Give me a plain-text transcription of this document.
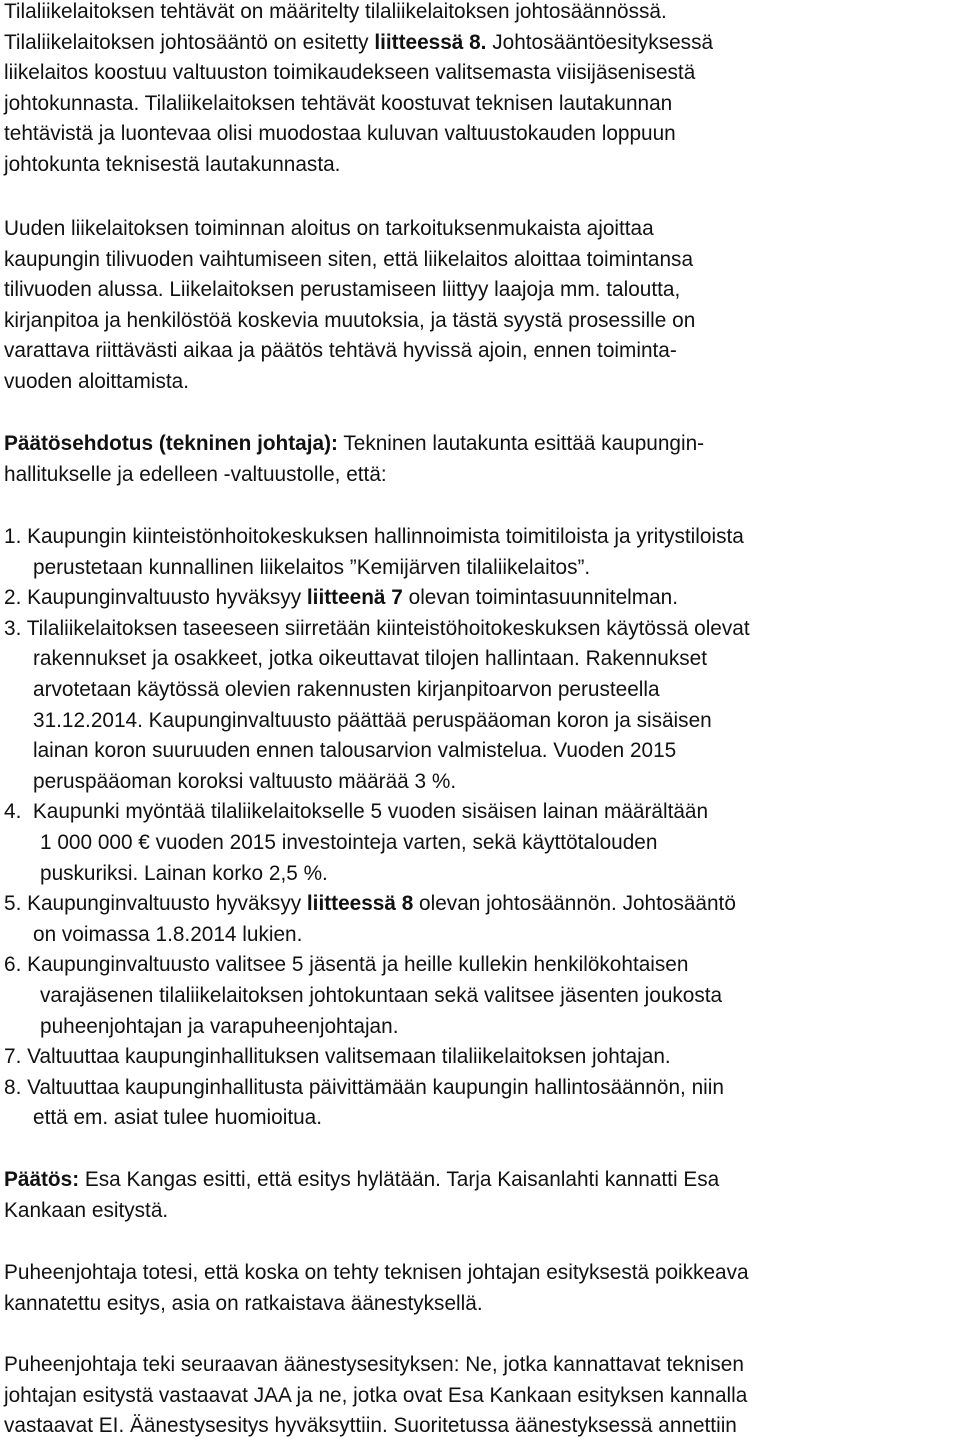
Tilaliikelaitoksen tehtävät on määritelty tilaliikelaitoksen johtosäännössä.
Tilaliikelaitoksen johtosääntö on esitetty liitteessä 8. Johtosääntöesityksessä
liikelaitos koostuu valtuuston toimikaudekseen valitsemasta viisijäsenisestä
johtokunnasta. Tilaliikelaitoksen tehtävät koostuvat teknisen lautakunnan
tehtävistä ja luontevaa olisi muodostaa kuluvan valtuustokauden loppuun
johtokunta teknisestä lautakunnasta.
Uuden liikelaitoksen toiminnan aloitus on tarkoituksenmukaista ajoittaa
kaupungin tilivuoden vaihtumiseen siten, että liikelaitos aloittaa toimintansa
tilivuoden alussa. Liikelaitoksen perustamiseen liittyy laajoja mm. taloutta,
kirjanpitoa ja henkilöstöä koskevia muutoksia, ja tästä syystä prosessille on
varattava riittävästi aikaa ja päätös tehtävä hyvissä ajoin, ennen toiminta-
vuoden aloittamista.
Päätösehdotus (tekninen johtaja): Tekninen lautakunta esittää kaupungin-
hallitukselle ja edelleen -valtuustolle, että:
1. Kaupungin kiinteistönhoitokeskuksen hallinnoimista toimitiloista ja yritystiloista
perustetaan kunnallinen liikelaitos ”Kemijärven tilaliikelaitos”.
2. Kaupunginvaltuusto hyväksyy liitteenä 7 olevan toimintasuunnitelman.
3. Tilaliikelaitoksen taseeseen siirretään kiinteistöhoitokeskuksen käytössä olevat
rakennukset ja osakkeet, jotka oikeuttavat tilojen hallintaan. Rakennukset
arvotetaan käytössä olevien rakennusten kirjanpitoarvon perusteella
31.12.2014. Kaupunginvaltuusto päättää peruspääoman koron ja sisäisen
lainan koron suuruuden ennen talousarvion valmistelua. Vuoden 2015
peruspääoman koroksi valtuusto määrää 3 %.
4.  Kaupunki myöntää tilaliikelaitokselle 5 vuoden sisäisen lainan määrältään
1 000 000 € vuoden 2015 investointeja varten, sekä käyttötalouden
puskuriksi. Lainan korko 2,5 %.
5. Kaupunginvaltuusto hyväksyy liitteessä 8 olevan johtosäännön. Johtosääntö
on voimassa 1.8.2014 lukien.
6. Kaupunginvaltuusto valitsee 5 jäsentä ja heille kullekin henkilökohtaisen
varajäsenen tilaliikelaitoksen johtokuntaan sekä valitsee jäsenten joukosta
puheenjohtajan ja varapuheenjohtajan.
7. Valtuuttaa kaupunginhallituksen valitsemaan tilaliikelaitoksen johtajan.
8. Valtuuttaa kaupunginhallitusta päivittämään kaupungin hallintosäännön, niin
että em. asiat tulee huomioitua.
Päätös: Esa Kangas esitti, että esitys hylätään. Tarja Kaisanlahti kannatti Esa
Kankaan esitystä.
Puheenjohtaja totesi, että koska on tehty teknisen johtajan esityksestä poikkeava
kannatettu esitys, asia on ratkaistava äänestyksellä.
Puheenjohtaja teki seuraavan äänestysesityksen: Ne, jotka kannattavat teknisen
johtajan esitystä vastaavat JAA ja ne, jotka ovat Esa Kankaan esityksen kannalla
vastaavat EI. Äänestysesitys hyväksyttiin. Suoritetussa äänestyksessä annettiin
